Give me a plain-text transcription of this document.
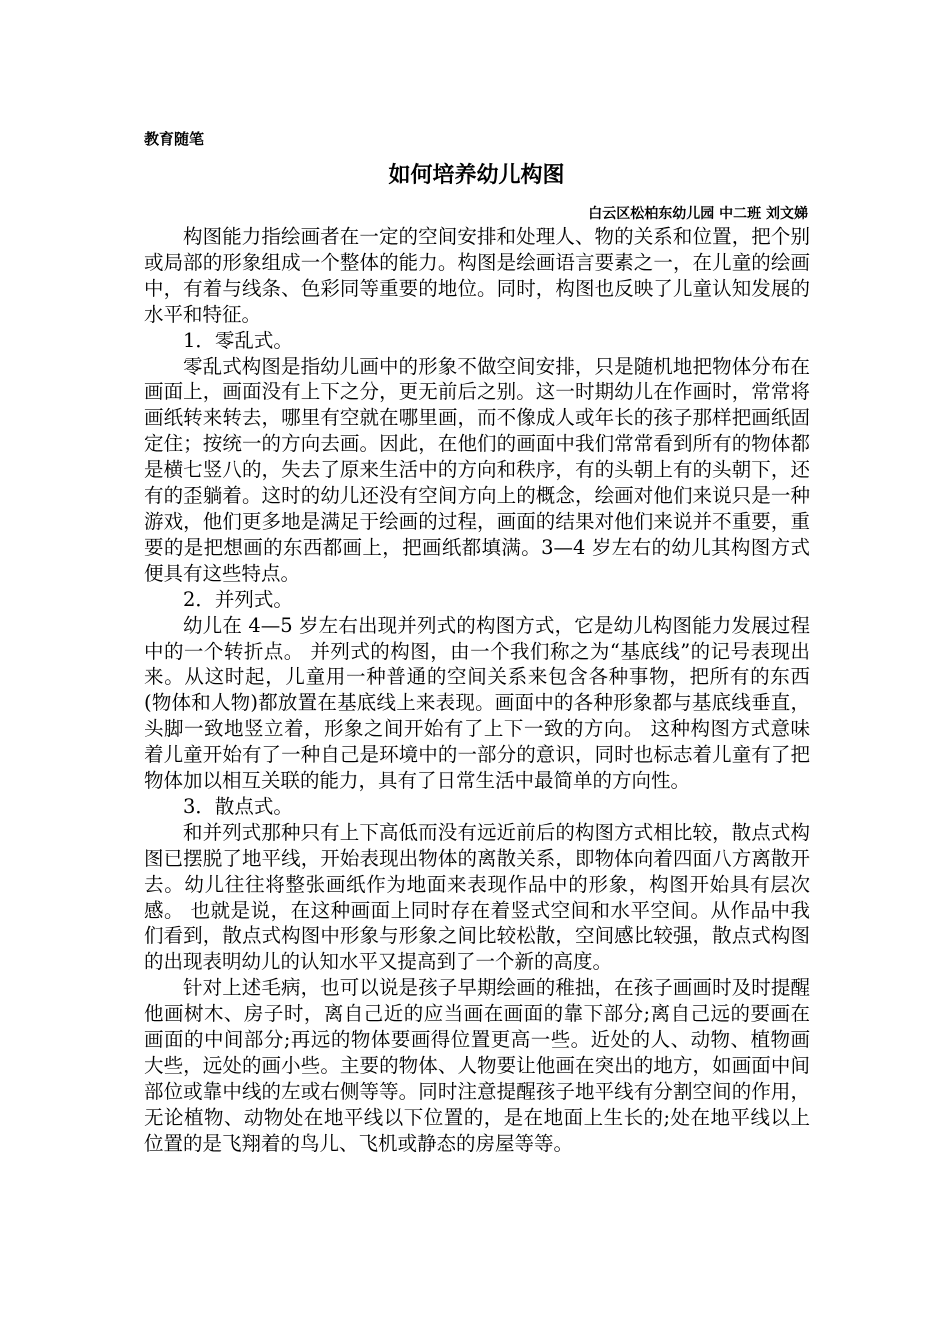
教育随笔
如何培养幼儿构图
白云区松柏东幼儿园 中二班 刘文娣

构图能力指绘画者在一定的空间安排和处理人、物的关系和位置，把个别或局部的形象组成一个整体的能力。构图是绘画语言要素之一，在儿童的绘画中，有着与线条、色彩同等重要的地位。同时，构图也反映了儿童认知发展的水平和特征。

1．零乱式。

零乱式构图是指幼儿画中的形象不做空间安排，只是随机地把物体分布在画面上，画面没有上下之分，更无前后之别。这一时期幼儿在作画时，常常将画纸转来转去，哪里有空就在哪里画，而不像成人或年长的孩子那样把画纸固定住；按统一的方向去画。因此，在他们的画面中我们常常看到所有的物体都是横七竖八的，失去了原来生活中的方向和秩序，有的头朝上有的头朝下，还有的歪躺着。这时的幼儿还没有空间方向上的概念，绘画对他们来说只是一种游戏，他们更多地是满足于绘画的过程，画面的结果对他们来说并不重要，重要的是把想画的东西都画上，把画纸都填满。3—4 岁左右的幼儿其构图方式便具有这些特点。

2．并列式。

幼儿在 4—5 岁左右出现并列式的构图方式，它是幼儿构图能力发展过程中的一个转折点。 并列式的构图，由一个我们称之为“基底线”的记号表现出来。从这时起，儿童用一种普通的空间关系来包含各种事物，把所有的东西(物体和人物)都放置在基底线上来表现。画面中的各种形象都与基底线垂直，头脚一致地竖立着，形象之间开始有了上下一致的方向。 这种构图方式意味着儿童开始有了一种自己是环境中的一部分的意识，同时也标志着儿童有了把物体加以相互关联的能力，具有了日常生活中最简单的方向性。

3．散点式。

和并列式那种只有上下高低而没有远近前后的构图方式相比较，散点式构图已摆脱了地平线，开始表现出物体的离散关系，即物体向着四面八方离散开去。幼儿往往将整张画纸作为地面来表现作品中的形象，构图开始具有层次感。 也就是说，在这种画面上同时存在着竖式空间和水平空间。从作品中我们看到，散点式构图中形象与形象之间比较松散，空间感比较强，散点式构图的出现表明幼儿的认知水平又提高到了一个新的高度。

针对上述毛病，也可以说是孩子早期绘画的稚拙，在孩子画画时及时提醒他画树木、房子时，离自己近的应当画在画面的靠下部分;离自己远的要画在画面的中间部分;再远的物体要画得位置更高一些。近处的人、动物、植物画大些，远处的画小些。主要的物体、人物要让他画在突出的地方，如画面中间部位或靠中线的左或右侧等等。同时注意提醒孩子地平线有分割空间的作用，无论植物、动物处在地平线以下位置的，是在地面上生长的;处在地平线以上位置的是飞翔着的鸟儿、飞机或静态的房屋等等。
